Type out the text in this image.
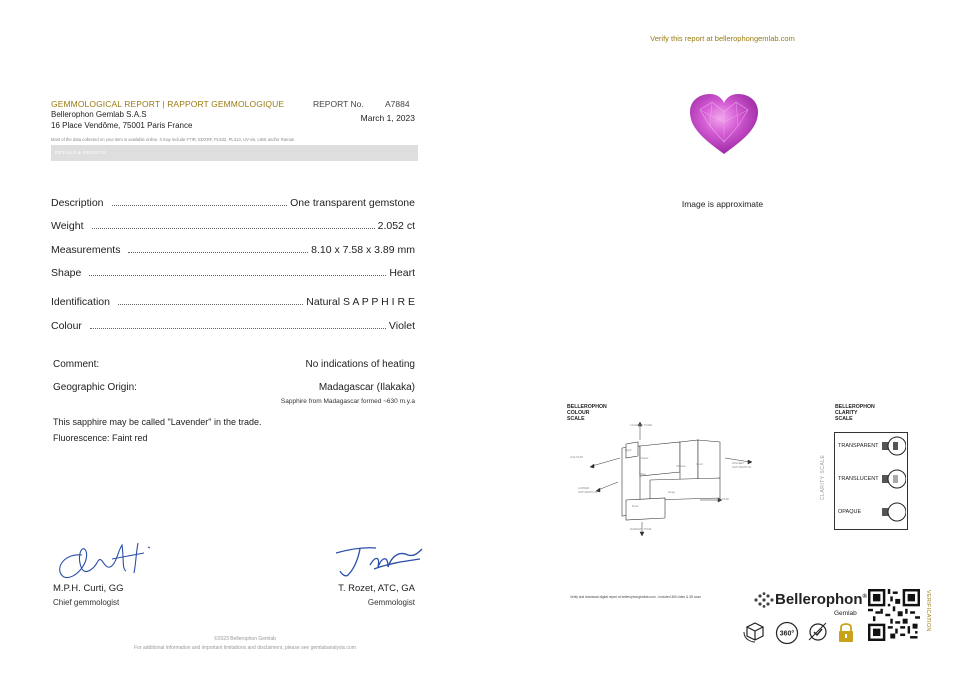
Verify this report at bellerophongemlab.com
GEMMOLOGICAL REPORT | RAPPORT GEMMOLOGIQUE	REPORT No.	A7884
Bellerophon Gemlab S.A.S	March 1, 2023
16 Place Vendôme, 75001 Paris France
Most of the data collected on your item is available online. It may include FTIR, EDXRF, PL532, PL313, UV-vis, LIBS and/or Raman
DETAILS & RESULTS
Description	One transparent gemstone
Weight	2.052 ct
Measurements	8.10 x 7.58 x 3.89 mm
Shape	Heart
Identification	Natural S A P P H I R E
Colour	Violet
Comment:	No indications of heating
Geographic Origin:	Madagascar (Ilakaka)
Sapphire from Madagascar formed ~630 m.y.a
This sapphire may be called "Lavender" in the trade.
Fluorescence: Faint red
M.P.H. Curti, GG
Chief gemmologist
T. Rozet, ATC, GA
Gemmologist
©2023 Bellerophon Gemlab
For additional information and important limitations and disclaimers, please see gemlabanalysis.com
Image is approximate
BELLEROPHON
COLOUR
SCALE
LIGHTER TONE
COLOUR
Light
Pastel
Vibrant	Vivid
Blue
Dark
Deep
DARKER TONE
LOWER SATURATION
HIGHER SATURATION
COLOUR
BELLEROPHON
CLARITY
SCALE
CLARITY SCALE
TRANSPARENT
TRANSLUCENT
OPAQUE
Verify and download digital report at bellerophongemlab.com - Included 360 video & 3D scan	Bellerophon®
Gemlab	VERIFICATION
360°
